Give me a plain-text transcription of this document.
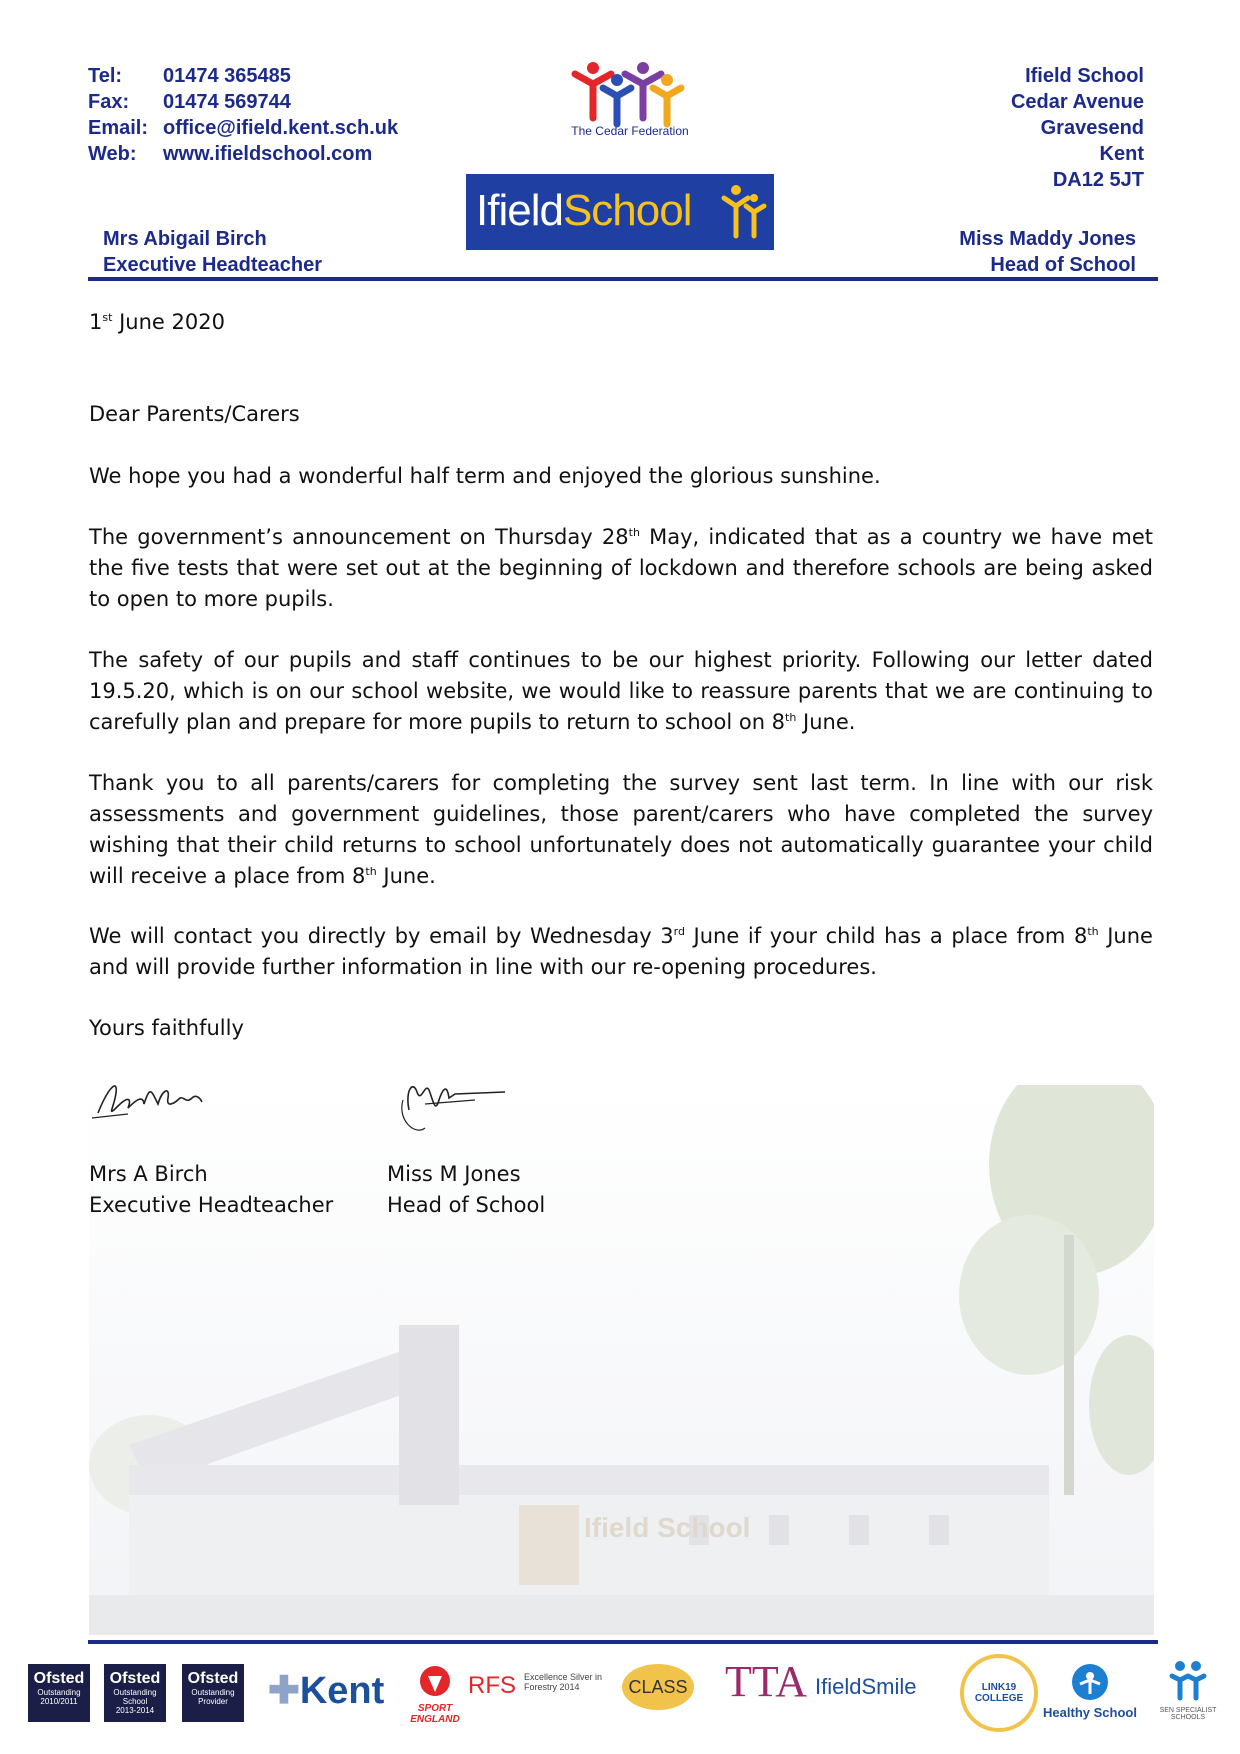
Tel:	01474 365485
Fax:	01474 569744
Email: office@ifield.kent.sch.uk
Web:	www.ifieldschool.com
The Cedar Federation
IfieldSchool
Ifield School
Cedar Avenue
Gravesend
Kent
DA12 5JT
Mrs Abigail Birch
Executive Headteacher
Miss Maddy Jones
Head of School
Ifield School
1st June 2020
Dear Parents/Carers
We hope you had a wonderful half term and enjoyed the glorious sunshine.

The government’s announcement on Thursday 28th May, indicated that as a country we have met the five tests that were set out at the beginning of lockdown and therefore schools are being asked to open to more pupils.

The safety of our pupils and staff continues to be our highest priority. Following our letter dated 19.5.20, which is on our school website, we would like to reassure parents that we are continuing to carefully plan and prepare for more pupils to return to school on 8th June.

Thank you to all parents/carers for completing the survey sent last term. In line with our risk assessments and government guidelines, those parent/carers who have completed the survey wishing that their child returns to school unfortunately does not automatically guarantee your child will receive a place from 8th June.

We will contact you directly by email by Wednesday 3rd June if your child has a place from 8th June and will provide further information in line with our re-opening procedures.

Yours faithfully
Mrs A Birch
Executive Headteacher
Miss M Jones
Head of School
Ofsted
Outstanding
2010/2011
Ofsted
Outstanding School
2013-2014
Ofsted
Outstanding Provider	✚Kent	SPORT ENGLAND
RFS Excellence Silver in Forestry 2014	CLASS TTA IfieldSmile	LINK19 COLLEGE
Healthy School	SEN SPECIALIST SCHOOLS
